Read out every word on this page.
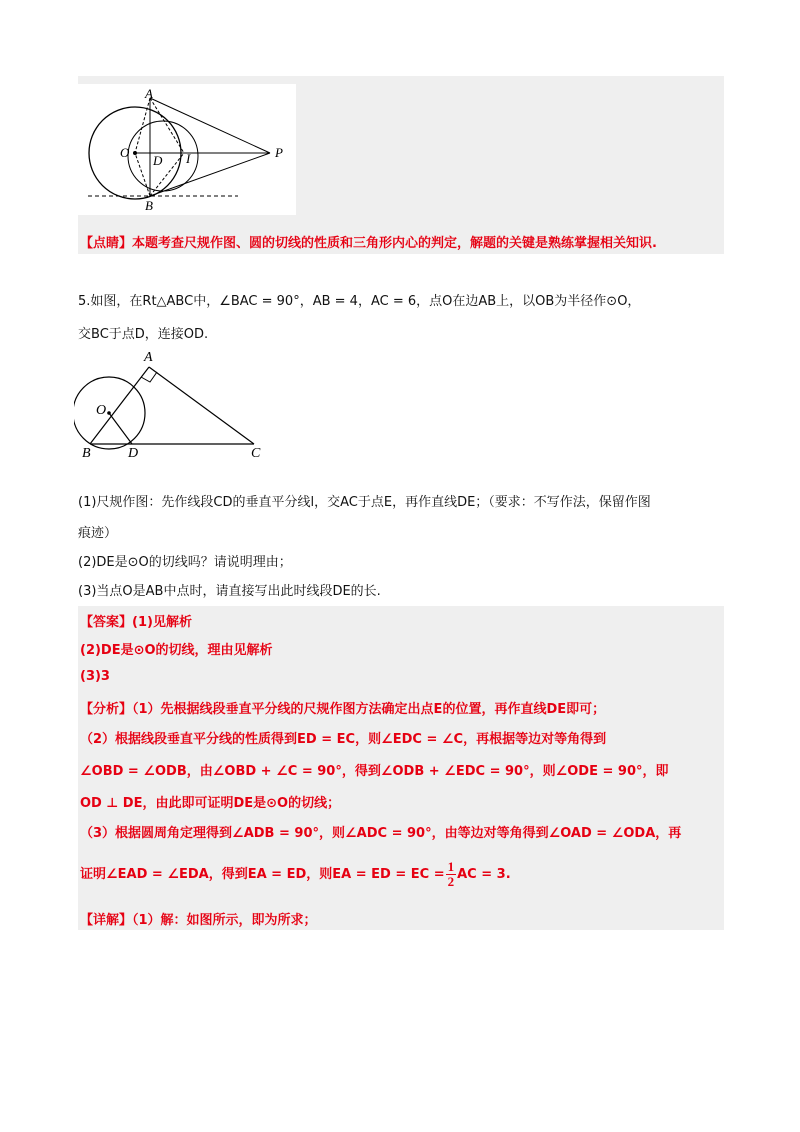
A
O
D I	P
B
【点睛】本题考查尺规作图、圆的切线的性质和三角形内心的判定，解题的关键是熟练掌握相关知识.
5.如图，在Rt△ABC中，∠BAC = 90°，AB = 4，AC = 6，点O在边AB上，以OB为半径作⊙O，
交BC于点D，连接OD.
A
O
B	D	C
(1)尺规作图：先作线段CD的垂直平分线l，交AC于点E，再作直线DE；（要求：不写作法，保留作图
痕迹）
(2)DE是⊙O的切线吗？请说明理由；
(3)当点O是AB中点时，请直接写出此时线段DE的长.
【答案】(1)见解析
(2)DE是⊙O的切线，理由见解析
(3)3
【分析】（1）先根据线段垂直平分线的尺规作图方法确定出点E的位置，再作直线DE即可；
（2）根据线段垂直平分线的性质得到ED = EC，则∠EDC = ∠C，再根据等边对等角得到
∠OBD = ∠ODB，由∠OBD + ∠C = 90°，得到∠ODB + ∠EDC = 90°，则∠ODE = 90°，即
OD ⊥ DE，由此即可证明DE是⊙O的切线；
（3）根据圆周角定理得到∠ADB = 90°，则∠ADC = 90°，由等边对等角得到∠OAD = ∠ODA，再
证明∠EAD = ∠EDA，得到EA = ED，则EA = ED = EC = $\frac{1}{2}$ AC = 3.
【详解】（1）解：如图所示，即为所求；
